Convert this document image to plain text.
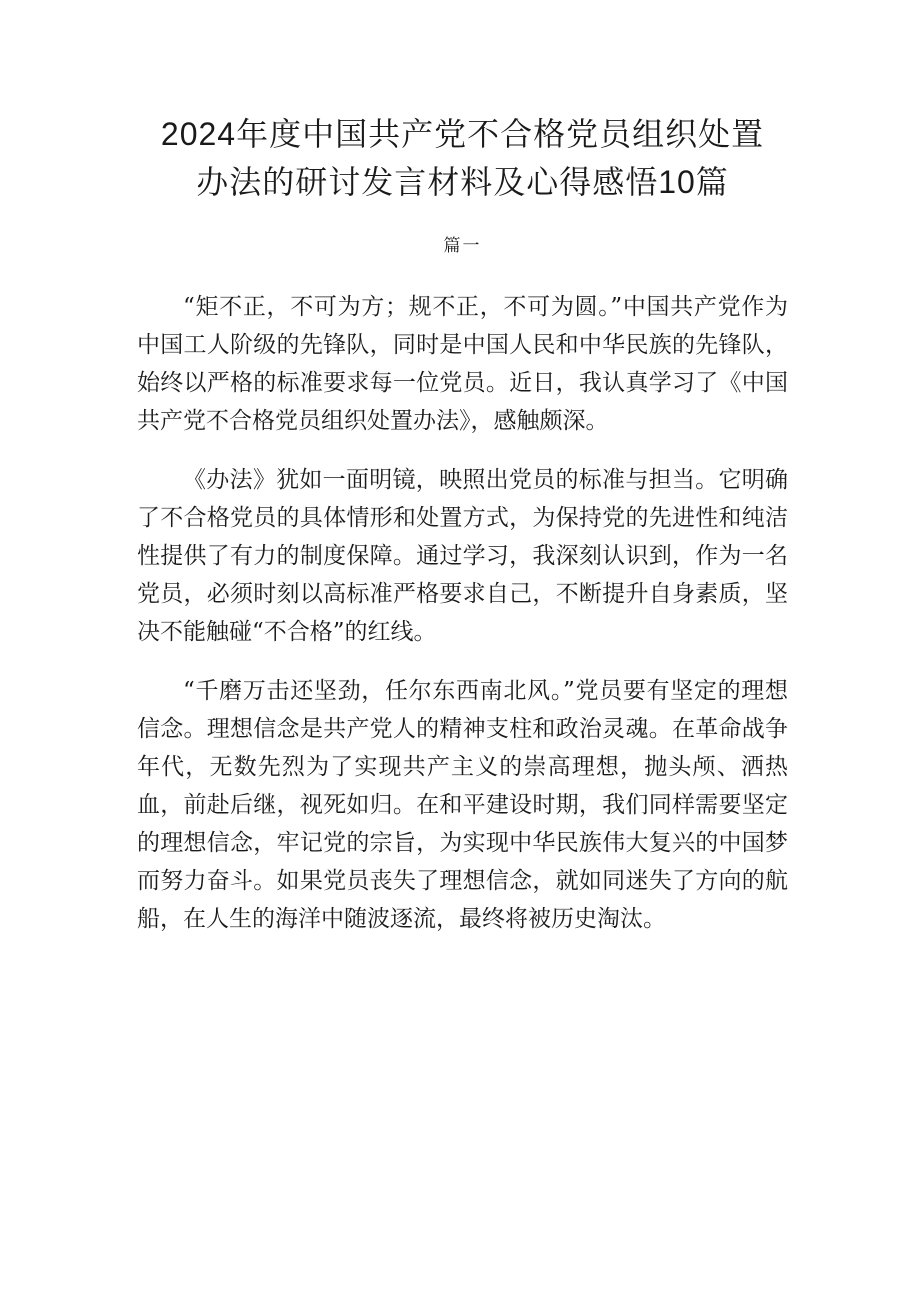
2024年度中国共产党不合格党员组织处置
办法的研讨发言材料及心得感悟10篇
篇一

“矩不正，不可为方；规不正，不可为圆。”中国共产党作为中国工人阶级的先锋队，同时是中国人民和中华民族的先锋队，始终以严格的标准要求每一位党员。近日，我认真学习了《中国共产党不合格党员组织处置办法》，感触颇深。

《办法》犹如一面明镜，映照出党员的标准与担当。它明确了不合格党员的具体情形和处置方式，为保持党的先进性和纯洁性提供了有力的制度保障。通过学习，我深刻认识到，作为一名党员，必须时刻以高标准严格要求自己，不断提升自身素质，坚决不能触碰“不合格”的红线。

“千磨万击还坚劲，任尔东西南北风。”党员要有坚定的理想信念。理想信念是共产党人的精神支柱和政治灵魂。在革命战争年代，无数先烈为了实现共产主义的崇高理想，抛头颅、洒热血，前赴后继，视死如归。在和平建设时期，我们同样需要坚定的理想信念，牢记党的宗旨，为实现中华民族伟大复兴的中国梦而努力奋斗。如果党员丧失了理想信念，就如同迷失了方向的航船，在人生的海洋中随波逐流，最终将被历史淘汰。
